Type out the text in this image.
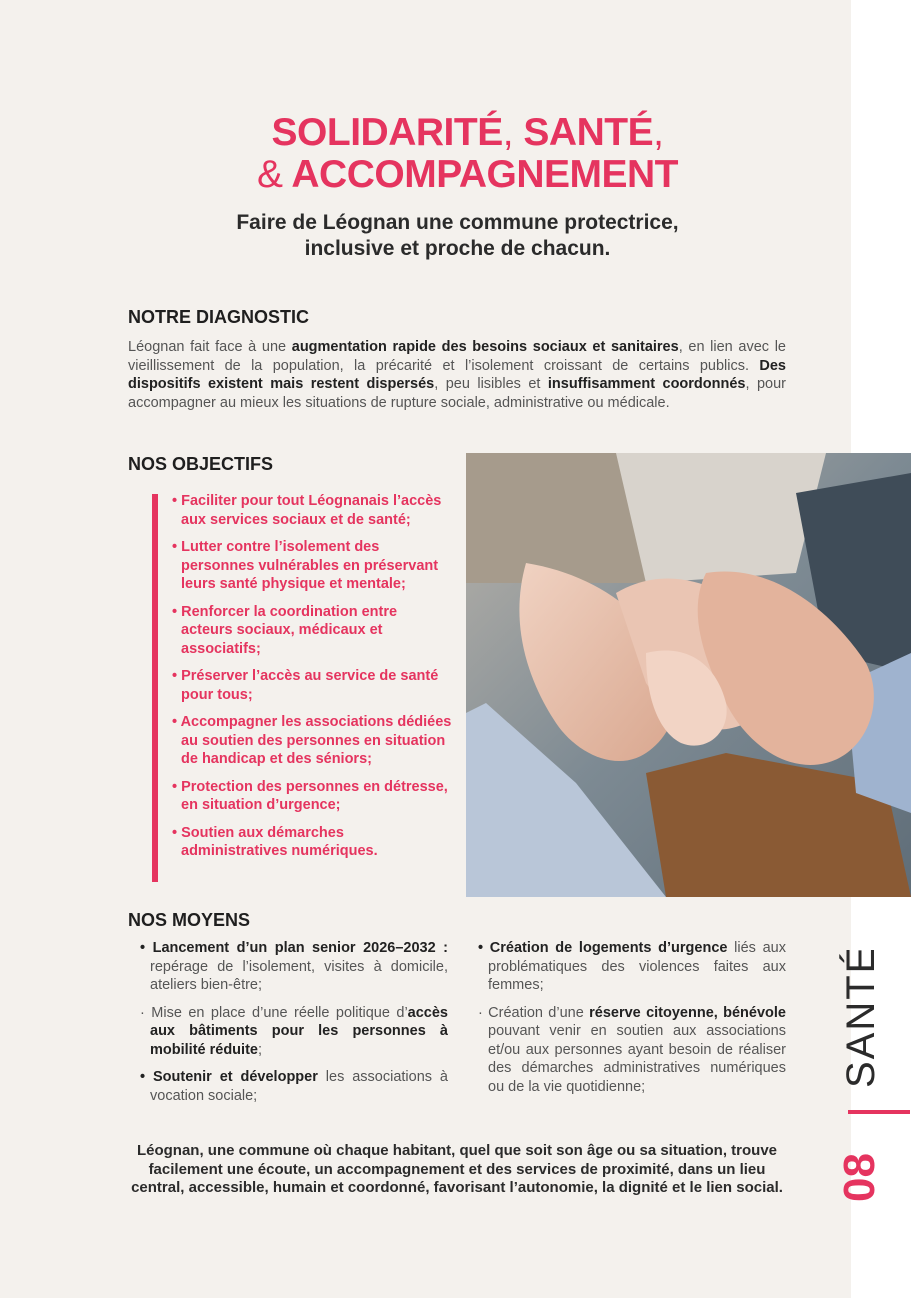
SOLIDARITÉ, SANTÉ,
& ACCOMPAGNEMENT
Faire de Léognan une commune protectrice,
inclusive et proche de chacun.
NOTRE DIAGNOSTIC

Léognan fait face à une augmentation rapide des besoins sociaux et sanitaires, en lien avec le vieillissement de la population, la précarité et l’isolement croissant de certains publics. Des dispositifs existent mais restent dispersés, peu lisibles et insuffisamment coordonnés, pour accompagner au mieux les situations de rupture sociale, administrative ou médicale.

NOS OBJECTIFS
• Faciliter pour tout Léognanais l’accès aux services sociaux et de santé;
• Lutter contre l’isolement des personnes vulnérables en préservant leurs santé physique et mentale;
• Renforcer la coordination entre acteurs sociaux, médicaux et associatifs;
• Préserver l’accès au service de santé pour tous;
• Accompagner les associations dédiées au soutien des personnes en situation de handicap et des séniors;
• Protection des personnes en détresse, en situation d’urgence;
• Soutien aux démarches administratives numériques.
NOS MOYENS
• Lancement d’un plan senior 2026–2032 : repérage de l’isolement, visites à domicile, ateliers bien-être;
· Mise en place d’une réelle politique d’accès aux bâtiments pour les personnes à mobilité réduite;
• Soutenir et développer les associations à vocation sociale;
• Création de logements d’urgence liés aux problématiques des violences faites aux femmes;
· Création d’une réserve citoyenne, bénévole pouvant venir en soutien aux associations et/ou aux personnes ayant besoin de réaliser des démarches administratives numériques ou de la vie quotidienne;

Léognan, une commune où chaque habitant, quel que soit son âge ou sa situation, trouve facilement une écoute, un accompagnement et des services de proximité, dans un lieu central, accessible, humain et coordonné, favorisant l’autonomie, la dignité et le lien social.

SANTÉ
08
